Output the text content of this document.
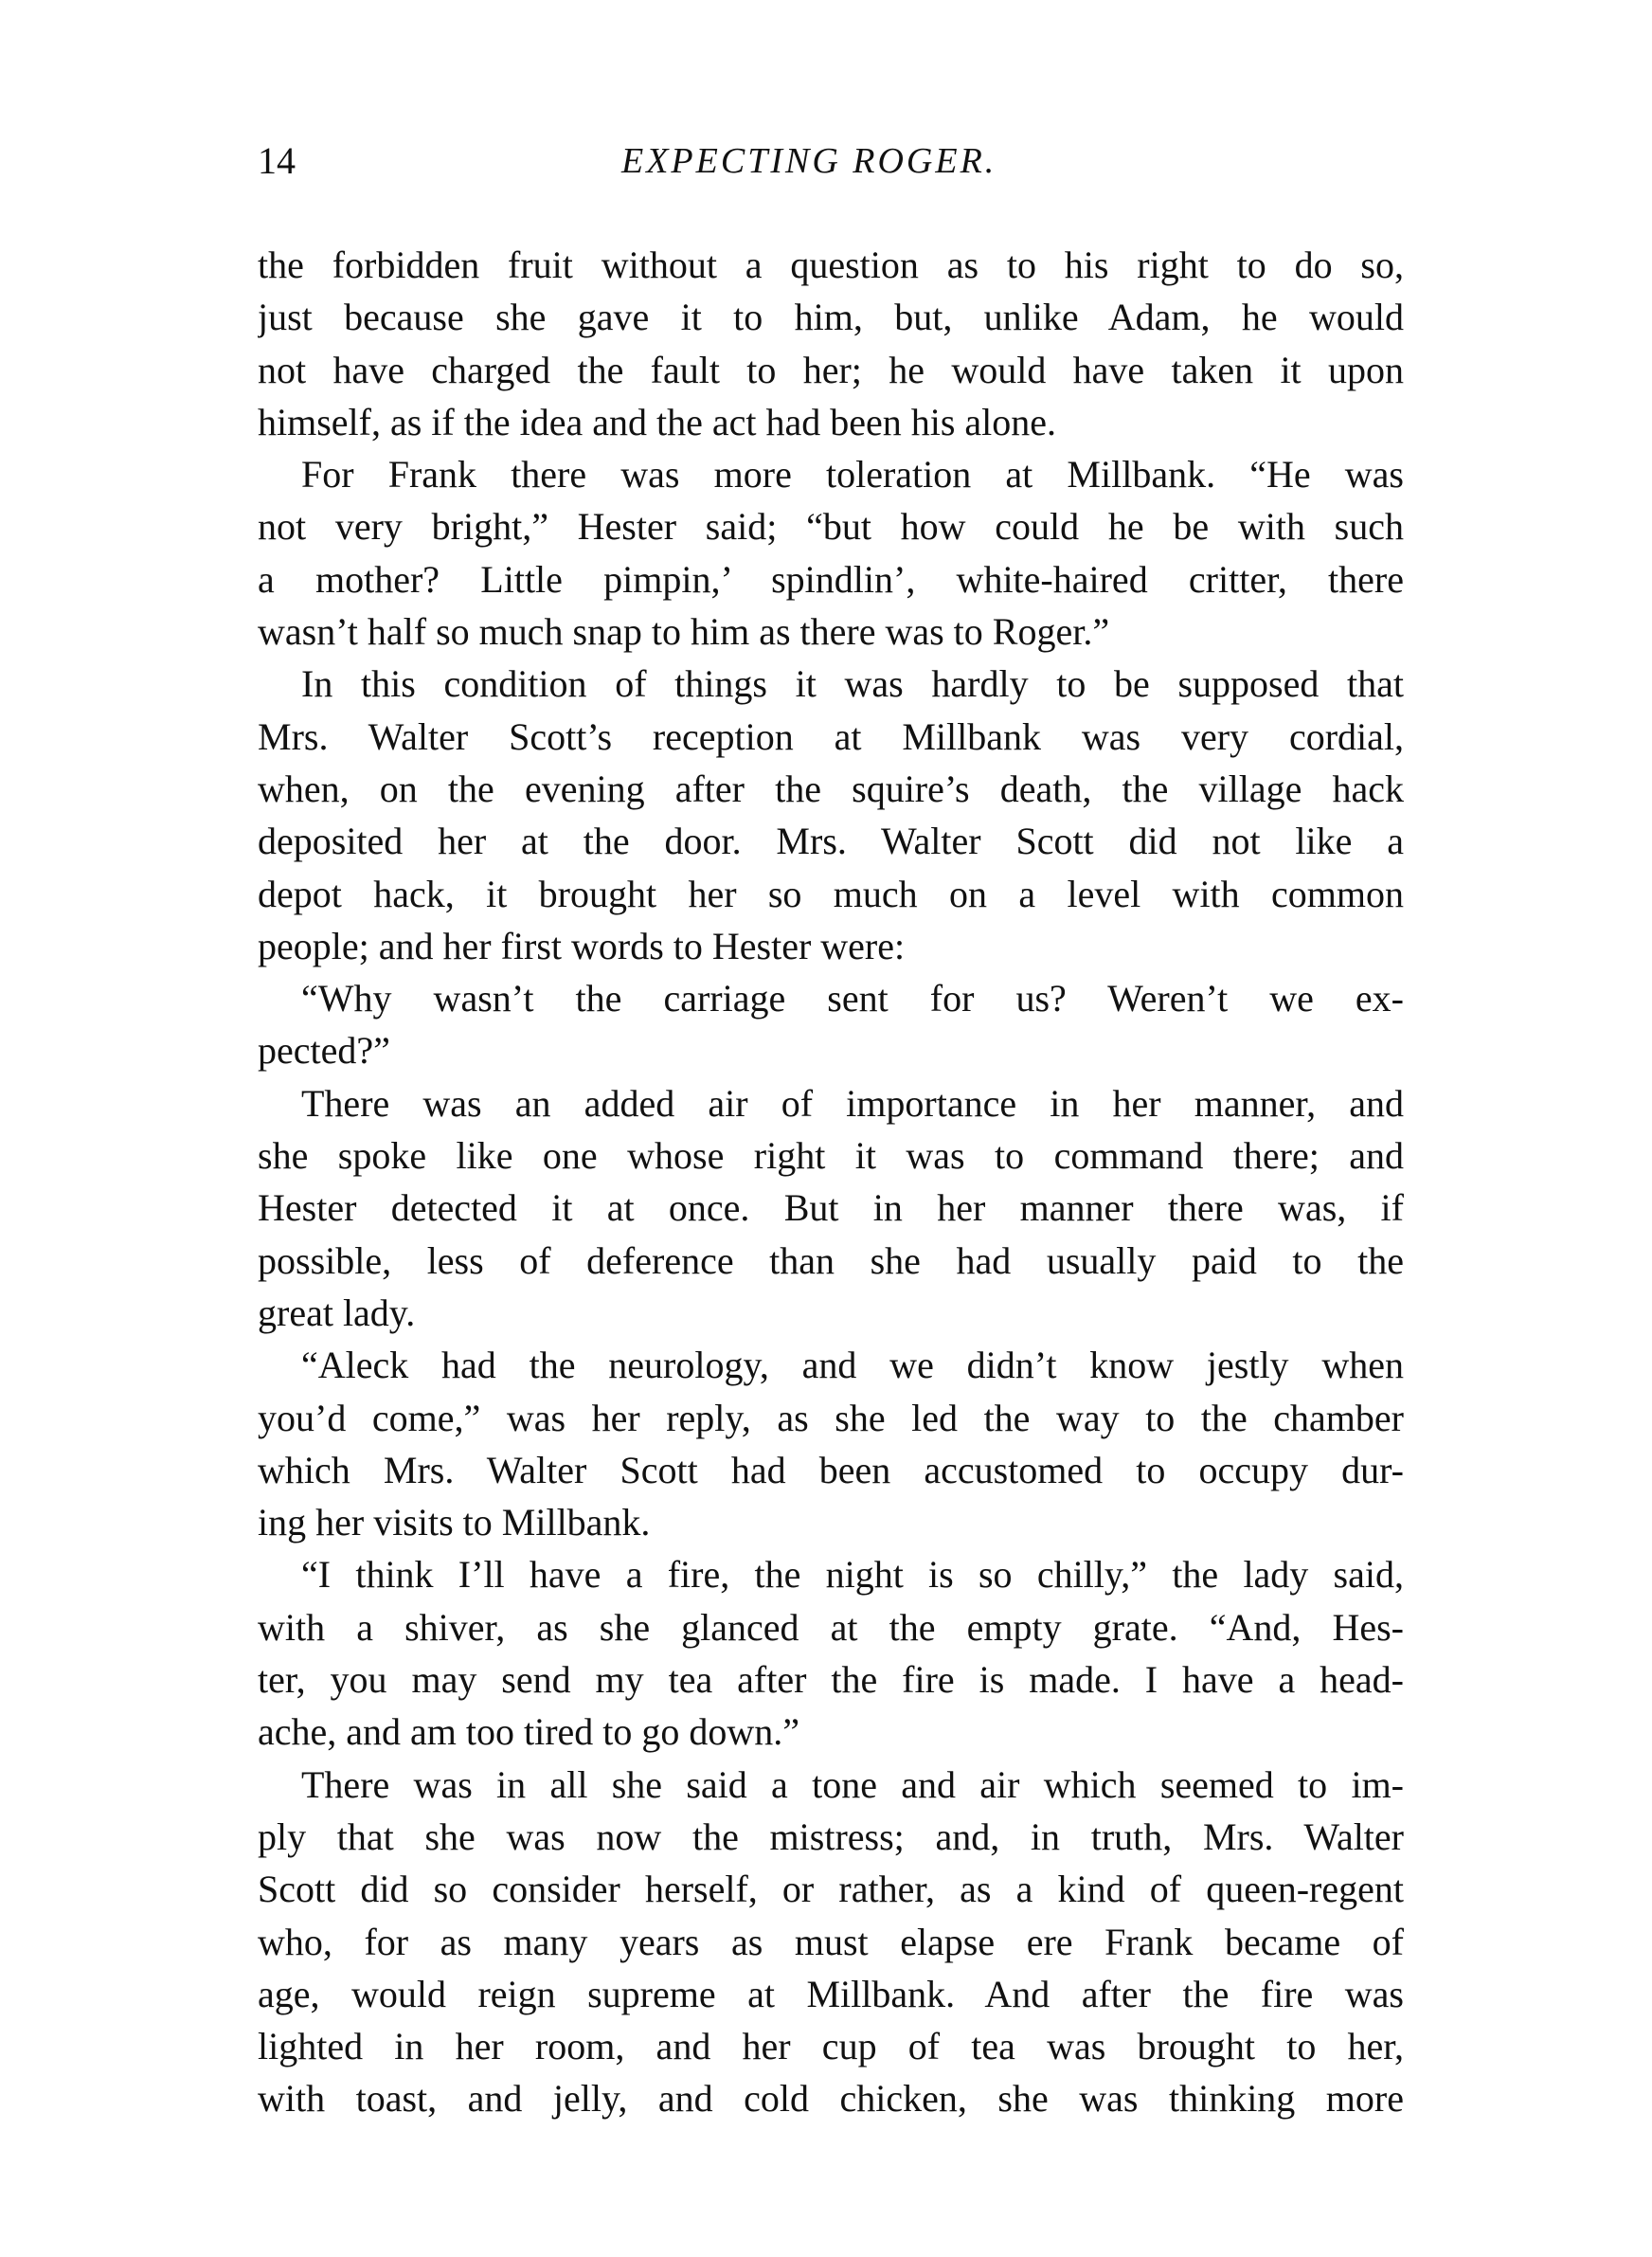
14	EXPECTING ROGER.
the forbidden fruit without a question as to his right to do so,
just because she gave it to him, but, unlike Adam, he would
not have charged the fault to her; he would have taken it upon
himself, as if the idea and the act had been his alone.
For Frank there was more toleration at Millbank. “He was
not very bright,” Hester said; “but how could he be with such
a mother? Little pimpin,’ spindlin’, white-haired critter, there
wasn’t half so much snap to him as there was to Roger.”
In this condition of things it was hardly to be supposed that
Mrs. Walter Scott’s reception at Millbank was very cordial,
when, on the evening after the squire’s death, the village hack
deposited her at the door. Mrs. Walter Scott did not like a
depot hack, it brought her so much on a level with common
people; and her first words to Hester were:
“Why wasn’t the carriage sent for us? Weren’t we ex-
pected?”
There was an added air of importance in her manner, and
she spoke like one whose right it was to command there; and
Hester detected it at once. But in her manner there was, if
possible, less of deference than she had usually paid to the
great lady.
“Aleck had the neurology, and we didn’t know jestly when
you’d come,” was her reply, as she led the way to the chamber
which Mrs. Walter Scott had been accustomed to occupy dur-
ing her visits to Millbank.
“I think I’ll have a fire, the night is so chilly,” the lady said,
with a shiver, as she glanced at the empty grate. “And, Hes-
ter, you may send my tea after the fire is made. I have a head-
ache, and am too tired to go down.”
There was in all she said a tone and air which seemed to im-
ply that she was now the mistress; and, in truth, Mrs. Walter
Scott did so consider herself, or rather, as a kind of queen-regent
who, for as many years as must elapse ere Frank became of
age, would reign supreme at Millbank. And after the fire was
lighted in her room, and her cup of tea was brought to her,
with toast, and jelly, and cold chicken, she was thinking more
